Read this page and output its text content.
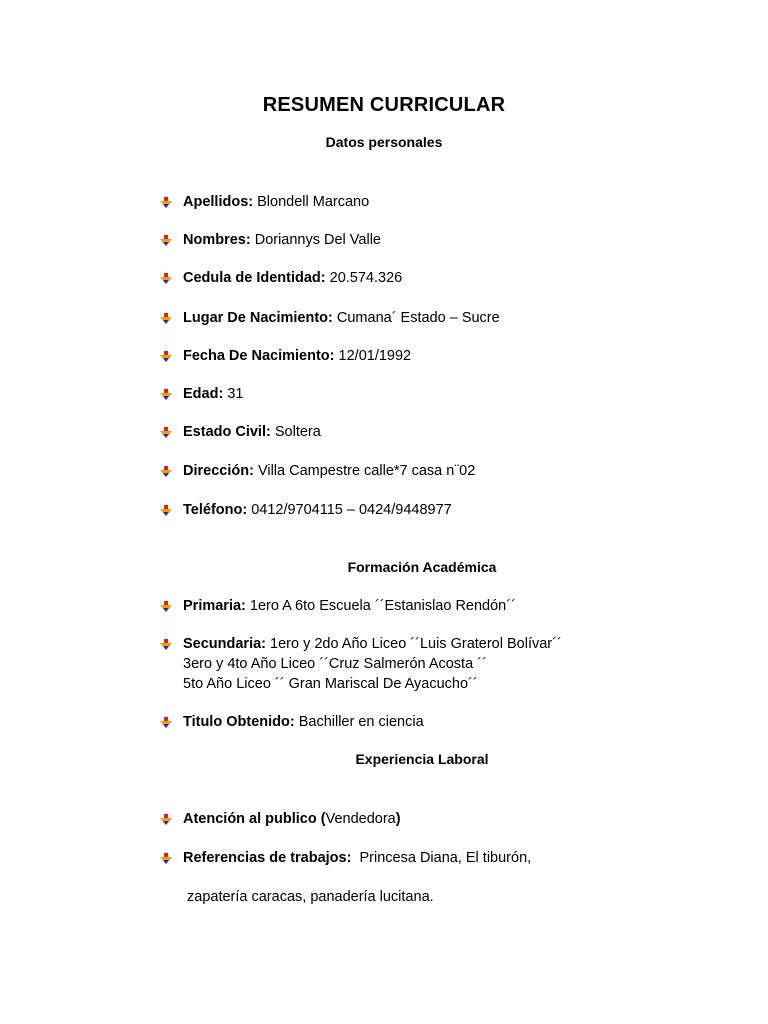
RESUMEN CURRICULAR
Datos personales
Apellidos: Blondell Marcano
Nombres: Doriannys Del Valle
Cedula de Identidad: 20.574.326
Lugar De Nacimiento: Cumana´ Estado – Sucre
Fecha De Nacimiento: 12/01/1992
Edad: 31
Estado Civil: Soltera
Dirección: Villa Campestre calle*7 casa n¨02
Teléfono: 0412/9704115 – 0424/9448977
Formación Académica
Primaria: 1ero A 6to Escuela ´´Estanislao Rendón´´
Secundaria: 1ero y 2do Año Liceo ´´Luis Graterol Bolívar´´
3ero y 4to Año Liceo ´´Cruz Salmerón Acosta ´´
5to Año Liceo ´´ Gran Mariscal De Ayacucho´´
Titulo Obtenido: Bachiller en ciencia
Experiencia Laboral
Atención al publico (Vendedora)
Referencias de trabajos: Princesa Diana, El tiburón,
zapatería caracas, panadería lucitana.
